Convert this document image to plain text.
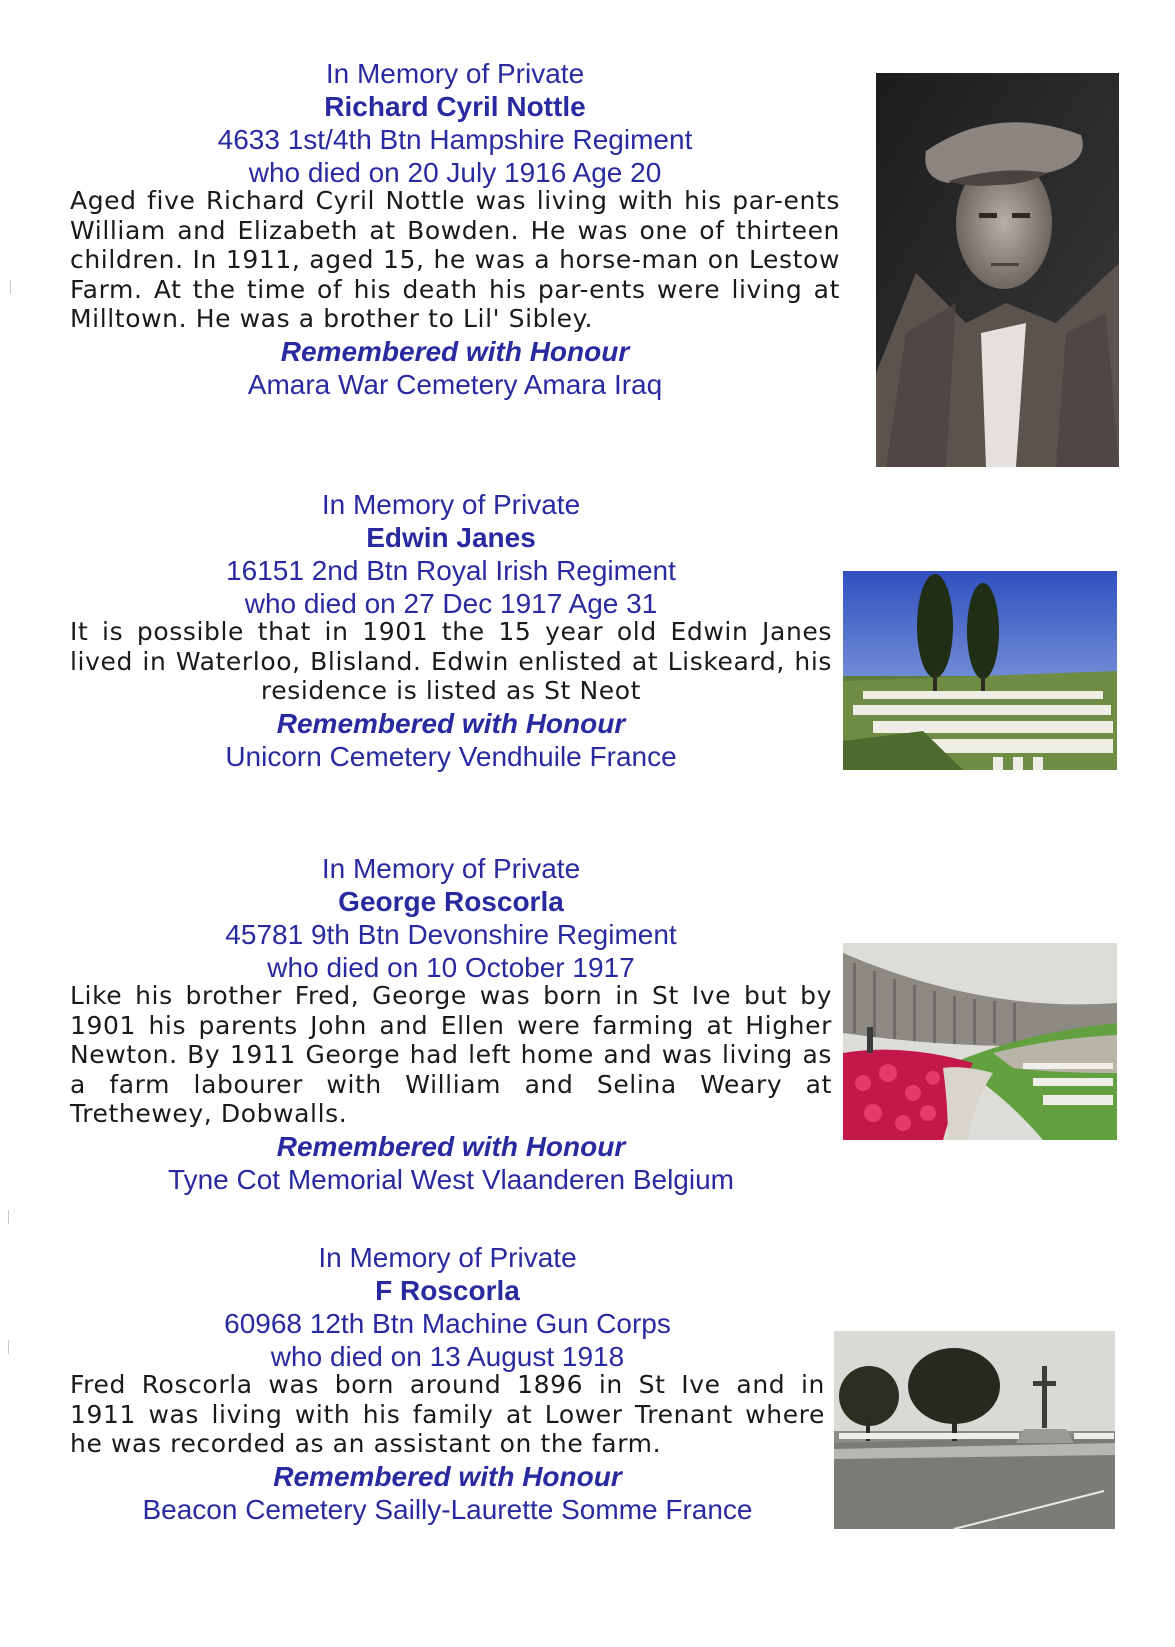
In Memory of Private
Richard Cyril Nottle
4633 1st/4th Btn Hampshire Regiment
who died on 20 July 1916 Age 20
Aged five Richard Cyril Nottle was living with his par-ents William and Elizabeth at Bowden. He was one of thirteen children. In 1911, aged 15, he was a horse-man on Lestow Farm. At the time of his death his par-ents were living at Milltown. He was a brother to Lil' Sibley.
Remembered with Honour
Amara War Cemetery Amara Iraq
In Memory of Private
Edwin Janes
16151 2nd Btn Royal Irish Regiment
who died on 27 Dec 1917 Age 31
It is possible that in 1901 the 15 year old Edwin Janes lived in Waterloo, Blisland. Edwin enlisted at Liskeard, his residence is listed as St Neot
Remembered with Honour
Unicorn Cemetery Vendhuile France
In Memory of Private
George Roscorla
45781 9th Btn Devonshire Regiment
who died on 10 October 1917
Like his brother Fred, George was born in St Ive but by 1901 his parents John and Ellen were farming at Higher Newton. By 1911 George had left home and was living as a farm labourer with William and Selina Weary at Trethewey, Dobwalls.
Remembered with Honour
Tyne Cot Memorial West Vlaanderen Belgium
In Memory of Private
F Roscorla
60968 12th Btn Machine Gun Corps
who died on 13 August 1918
Fred Roscorla was born around 1896 in St Ive and in 1911 was living with his family at Lower Trenant where he was recorded as an assistant on the farm.
Remembered with Honour
Beacon Cemetery Sailly-Laurette Somme France
